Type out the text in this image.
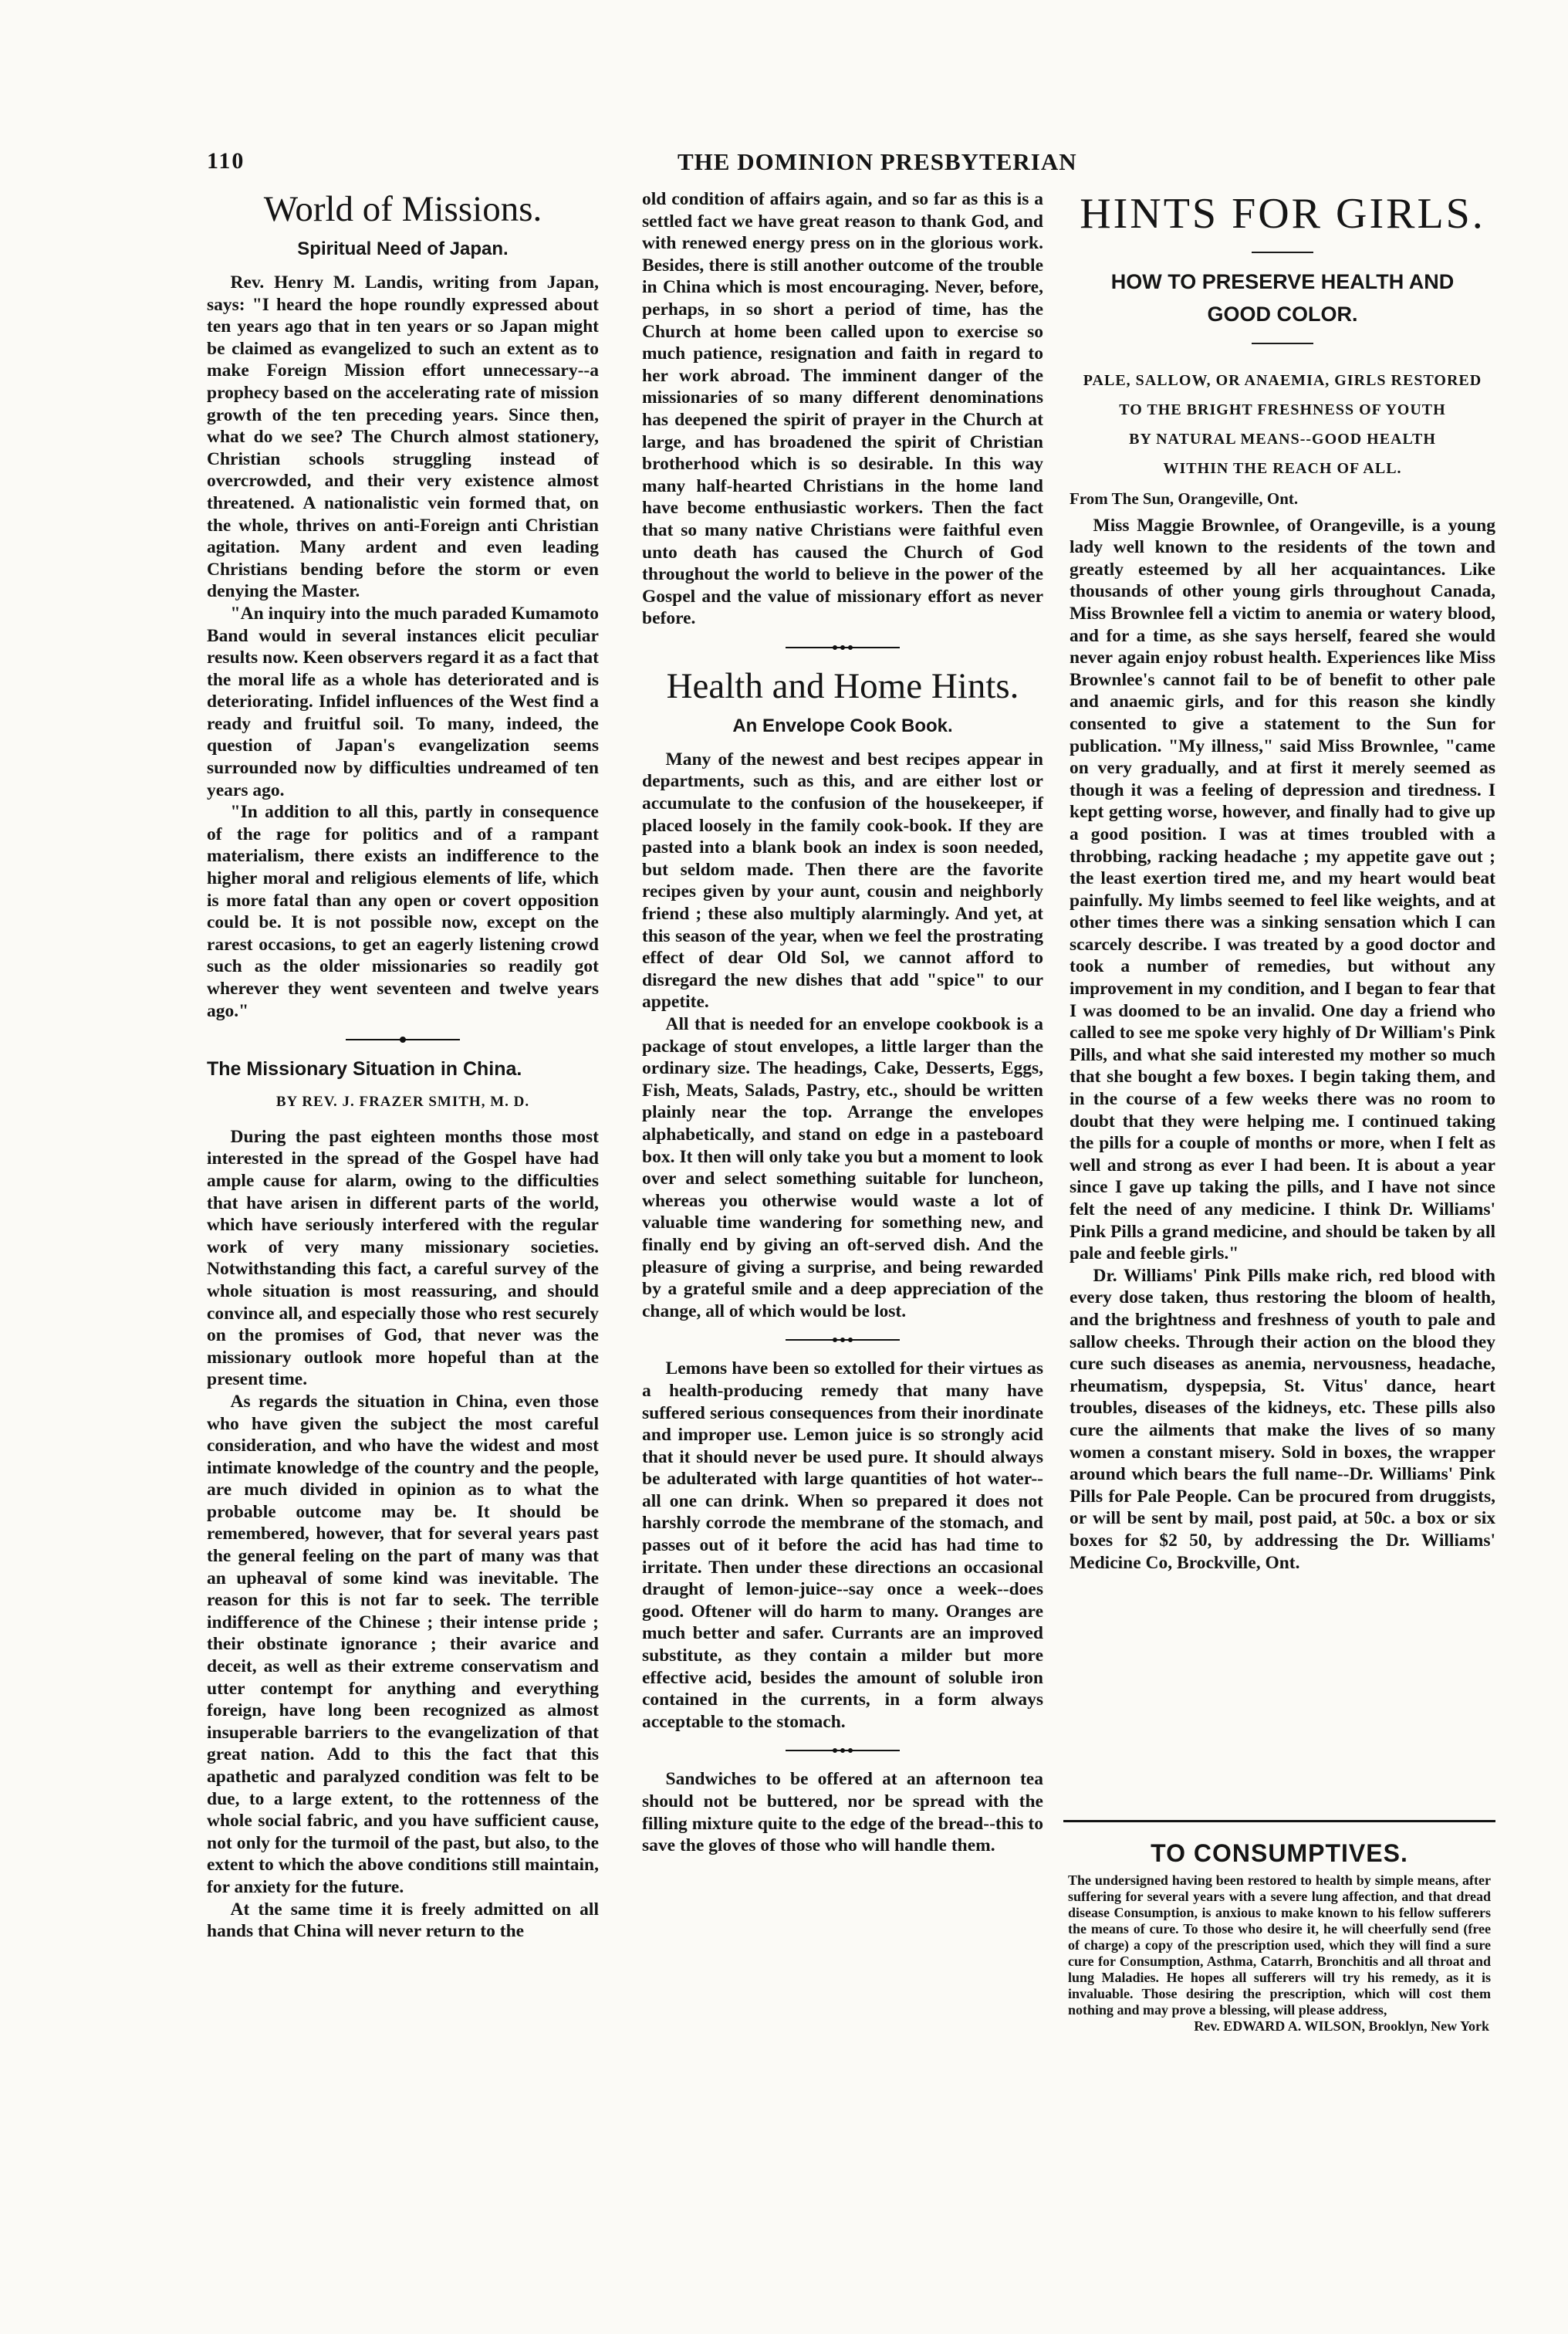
110	THE DOMINION PRESBYTERIAN
World of Missions.
Spiritual Need of Japan.

Rev. Henry M. Landis, writing from Japan, says: "I heard the hope roundly expressed about ten years ago that in ten years or so Japan might be claimed as evangelized to such an extent as to make Foreign Mission effort unnecessary--a prophecy based on the accelerating rate of mission growth of the ten preceding years. Since then, what do we see? The Church almost stationery, Christian schools struggling instead of overcrowded, and their very existence almost threatened. A nationalistic vein formed that, on the whole, thrives on anti-Foreign anti Christian agitation. Many ardent and even leading Christians bending before the storm or even denying the Master.

"An inquiry into the much paraded Kumamoto Band would in several instances elicit peculiar results now. Keen observers regard it as a fact that the moral life as a whole has deteriorated and is deteriorating. Infidel influences of the West find a ready and fruitful soil. To many, indeed, the question of Japan's evangelization seems surrounded now by difficulties undreamed of ten years ago.

"In addition to all this, partly in consequence of the rage for politics and of a rampant materialism, there exists an indifference to the higher moral and religious elements of life, which is more fatal than any open or covert opposition could be. It is not possible now, except on the rarest occasions, to get an eagerly listening crowd such as the older missionaries so readily got wherever they went seventeen and twelve years ago."

The Missionary Situation in China.
BY REV. J. FRAZER SMITH, M. D.

During the past eighteen months those most interested in the spread of the Gospel have had ample cause for alarm, owing to the difficulties that have arisen in different parts of the world, which have seriously interfered with the regular work of very many missionary societies. Notwithstanding this fact, a careful survey of the whole situation is most reassuring, and should convince all, and especially those who rest securely on the promises of God, that never was the missionary outlook more hopeful than at the present time.

As regards the situation in China, even those who have given the subject the most careful consideration, and who have the widest and most intimate knowledge of the country and the people, are much divided in opinion as to what the probable outcome may be. It should be remembered, however, that for several years past the general feeling on the part of many was that an upheaval of some kind was inevitable. The reason for this is not far to seek. The terrible indifference of the Chinese ; their intense pride ; their obstinate ignorance ; their avarice and deceit, as well as their extreme conservatism and utter contempt for anything and everything foreign, have long been recognized as almost insuperable barriers to the evangelization of that great nation. Add to this the fact that this apathetic and paralyzed condition was felt to be due, to a large extent, to the rottenness of the whole social fabric, and you have sufficient cause, not only for the turmoil of the past, but also, to the extent to which the above conditions still maintain, for anxiety for the future.

At the same time it is freely admitted on all hands that China will never return to the

old condition of affairs again, and so far as this is a settled fact we have great reason to thank God, and with renewed energy press on in the glorious work. Besides, there is still another outcome of the trouble in China which is most encouraging. Never, before, perhaps, in so short a period of time, has the Church at home been called upon to exercise so much patience, resignation and faith in regard to her work abroad. The imminent danger of the missionaries of so many different denominations has deepened the spirit of prayer in the Church at large, and has broadened the spirit of Christian brotherhood which is so desirable. In this way many half-hearted Christians in the home land have become enthusiastic workers. Then the fact that so many native Christians were faithful even unto death has caused the Church of God throughout the world to believe in the power of the Gospel and the value of missionary effort as never before.

Health and Home Hints.
An Envelope Cook Book.

Many of the newest and best recipes appear in departments, such as this, and are either lost or accumulate to the confusion of the housekeeper, if placed loosely in the family cook-book. If they are pasted into a blank book an index is soon needed, but seldom made. Then there are the favorite recipes given by your aunt, cousin and neighborly friend ; these also multiply alarmingly. And yet, at this season of the year, when we feel the prostrating effect of dear Old Sol, we cannot afford to disregard the new dishes that add "spice" to our appetite.

All that is needed for an envelope cookbook is a package of stout envelopes, a little larger than the ordinary size. The headings, Cake, Desserts, Eggs, Fish, Meats, Salads, Pastry, etc., should be written plainly near the top. Arrange the envelopes alphabetically, and stand on edge in a pasteboard box. It then will only take you but a moment to look over and select something suitable for luncheon, whereas you otherwise would waste a lot of valuable time wandering for something new, and finally end by giving an oft-served dish. And the pleasure of giving a surprise, and being rewarded by a grateful smile and a deep appreciation of the change, all of which would be lost.

Lemons have been so extolled for their virtues as a health-producing remedy that many have suffered serious consequences from their inordinate and improper use. Lemon juice is so strongly acid that it should never be used pure. It should always be adulterated with large quantities of hot water--all one can drink. When so prepared it does not harshly corrode the membrane of the stomach, and passes out of it before the acid has had time to irritate. Then under these directions an occasional draught of lemon-juice--say once a week--does good. Oftener will do harm to many. Oranges are much better and safer. Currants are an improved substitute, as they contain a milder but more effective acid, besides the amount of soluble iron contained in the currents, in a form always acceptable to the stomach.

Sandwiches to be offered at an afternoon tea should not be buttered, nor be spread with the filling mixture quite to the edge of the bread--this to save the gloves of those who will handle them.

HINTS FOR GIRLS.
HOW TO PRESERVE HEALTH AND
GOOD COLOR.
PALE, SALLOW, OR ANAEMIA, GIRLS RESTORED
TO THE BRIGHT FRESHNESS OF YOUTH
BY NATURAL MEANS--GOOD HEALTH
WITHIN THE REACH OF ALL.
From The Sun, Orangeville, Ont.

Miss Maggie Brownlee, of Orangeville, is a young lady well known to the residents of the town and greatly esteemed by all her acquaintances. Like thousands of other young girls throughout Canada, Miss Brownlee fell a victim to anemia or watery blood, and for a time, as she says herself, feared she would never again enjoy robust health. Experiences like Miss Brownlee's cannot fail to be of benefit to other pale and anaemic girls, and for this reason she kindly consented to give a statement to the Sun for publication. "My illness," said Miss Brownlee, "came on very gradually, and at first it merely seemed as though it was a feeling of depression and tiredness. I kept getting worse, however, and finally had to give up a good position. I was at times troubled with a throbbing, racking headache ; my appetite gave out ; the least exertion tired me, and my heart would beat painfully. My limbs seemed to feel like weights, and at other times there was a sinking sensation which I can scarcely describe. I was treated by a good doctor and took a number of remedies, but without any improvement in my condition, and I began to fear that I was doomed to be an invalid. One day a friend who called to see me spoke very highly of Dr William's Pink Pills, and what she said interested my mother so much that she bought a few boxes. I begin taking them, and in the course of a few weeks there was no room to doubt that they were helping me. I continued taking the pills for a couple of months or more, when I felt as well and strong as ever I had been. It is about a year since I gave up taking the pills, and I have not since felt the need of any medicine. I think Dr. Williams' Pink Pills a grand medicine, and should be taken by all pale and feeble girls."

Dr. Williams' Pink Pills make rich, red blood with every dose taken, thus restoring the bloom of health, and the brightness and freshness of youth to pale and sallow cheeks. Through their action on the blood they cure such diseases as anemia, nervousness, headache, rheumatism, dyspepsia, St. Vitus' dance, heart troubles, diseases of the kidneys, etc. These pills also cure the ailments that make the lives of so many women a constant misery. Sold in boxes, the wrapper around which bears the full name--Dr. Williams' Pink Pills for Pale People. Can be procured from druggists, or will be sent by mail, post paid, at 50c. a box or six boxes for $2 50, by addressing the Dr. Williams' Medicine Co, Brockville, Ont.

TO CONSUMPTIVES.
The undersigned having been restored to health by simple means, after suffering for several years with a severe lung affection, and that dread disease Consumption, is anxious to make known to his fellow sufferers the means of cure. To those who desire it, he will cheerfully send (free of charge) a copy of the prescription used, which they will find a sure cure for Consumption, Asthma, Catarrh, Bronchitis and all throat and lung Maladies. He hopes all sufferers will try his remedy, as it is invaluable. Those desiring the prescription, which will cost them nothing and may prove a blessing, will please address,
Rev. EDWARD A. WILSON, Brooklyn, New York
